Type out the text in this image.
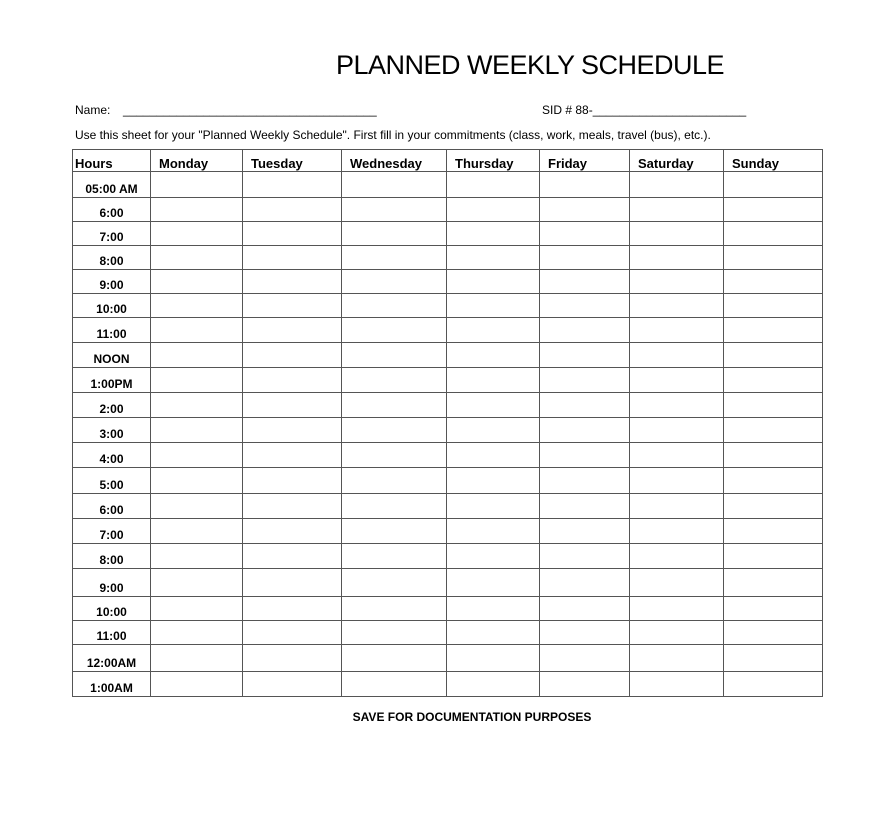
PLANNED WEEKLY SCHEDULE
Name: ______________________________________	SID # 88-_______________________
Use this sheet for your "Planned Weekly Schedule". First fill in your commitments (class, work, meals, travel (bus), etc.).
Hours	Monday	Tuesday	Wednesday	Thursday	Friday	Saturday	Sunday
05:00 AM							
6:00							
7:00							
8:00							
9:00							
10:00							
11:00							
NOON							
1:00PM							
2:00							
3:00							
4:00							
5:00							
6:00							
7:00							
8:00							
9:00							
10:00							
11:00							
12:00AM							
1:00AM							
SAVE FOR DOCUMENTATION PURPOSES
